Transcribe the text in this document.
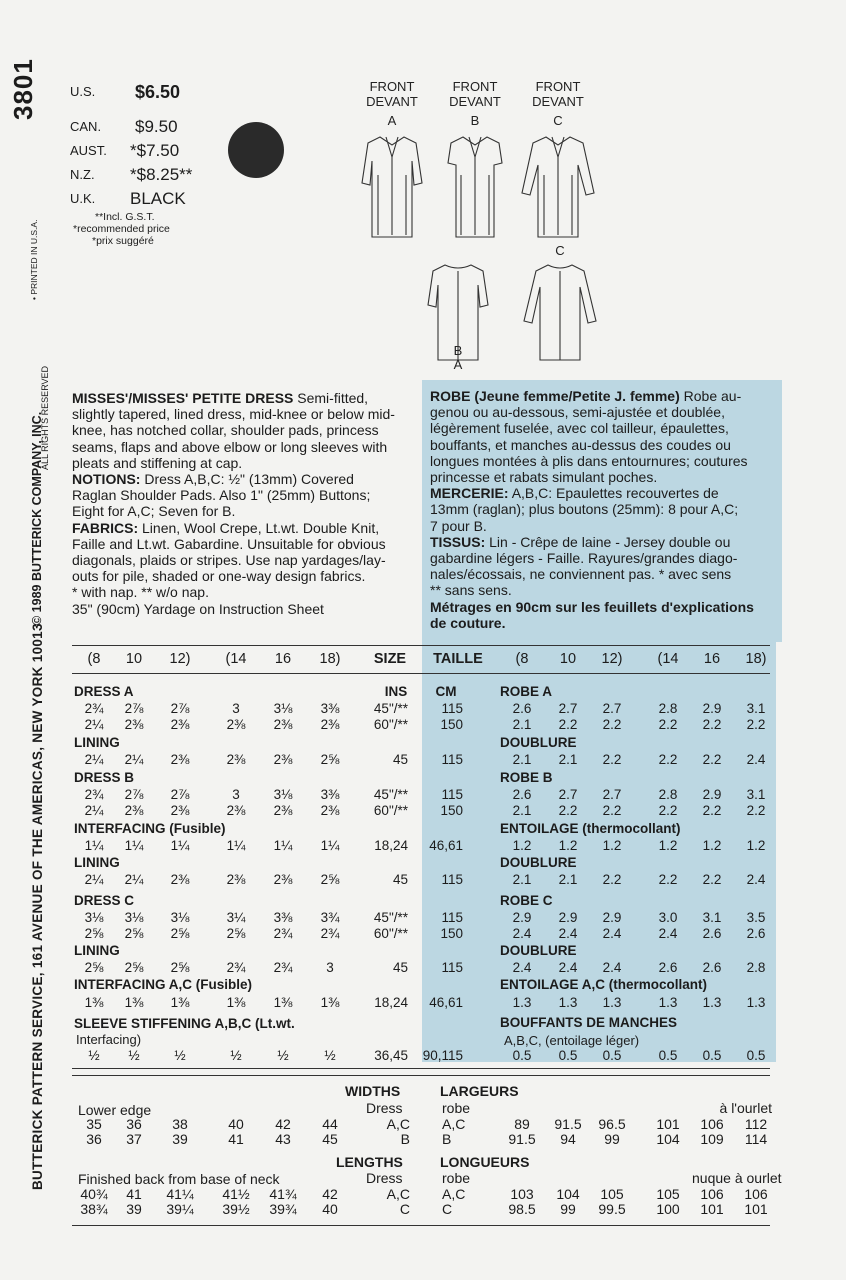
3801
BUTTERICK PATTERN SERVICE, 161 AVENUE OF THE AMERICAS, NEW YORK 10013
© 1989 BUTTERICK COMPANY, INC.
ALL RIGHTS RESERVED
• PRINTED IN U.S.A.
U.S. $6.50
CAN. $9.50
AUST. *$7.50
N.Z. *$8.25**
U.K. BLACK
**Incl. G.S.T.
*recommended price
*prix suggéré
FRONT
DEVANT
A
FRONT
DEVANT
B
FRONT
DEVANT
C
C
B
A
MISSES'/MISSES' PETITE DRESS Semi-fitted,
slightly tapered, lined dress, mid-knee or below mid-
knee, has notched collar, shoulder pads, princess
seams, flaps and above elbow or long sleeves with
pleats and stiffening at cap.
NOTIONS: Dress A,B,C: ½" (13mm) Covered
Raglan Shoulder Pads. Also 1" (25mm) Buttons;
Eight for A,C; Seven for B.
FABRICS: Linen, Wool Crepe, Lt.wt. Double Knit,
Faille and Lt.wt. Gabardine. Unsuitable for obvious
diagonals, plaids or stripes. Use nap yardages/lay-
outs for pile, shaded or one-way design fabrics.
* with nap. ** w/o nap.
35" (90cm) Yardage on Instruction Sheet
ROBE (Jeune femme/Petite J. femme) Robe au-
genou ou au-dessous, semi-ajustée et doublée,
légèrement fuselée, avec col tailleur, épaulettes,
bouffants, et manches au-dessus des coudes ou
longues montées à plis dans entournures; coutures
princesse et rabats simulant poches.
MERCERIE: A,B,C: Epaulettes recouvertes de
13mm (raglan); plus boutons (25mm): 8 pour A,C;
7 pour B.
TISSUS: Lin - Crêpe de laine - Jersey double ou
gabardine légers - Faille. Rayures/grandes diago-
nales/écossais, ne conviennent pas. * avec sens
** sans sens.
Métrages en 90cm sur les feuillets d'explications
de couture.
(8	10	12)	(14	16	18)	SIZE	TAILLE	(8	10	12)	(14	16	18)
INS	CM
DRESS A	ROBE A
2¾	2⅞	2⅞	3	3⅛	3⅜	45"/**	115	2.6	2.7	2.7	2.8	2.9	3.1
2¼	2⅜	2⅜	2⅜	2⅜	2⅜	60"/**	150	2.1	2.2	2.2	2.2	2.2	2.2
LINING	DOUBLURE
2¼	2¼	2⅜	2⅜	2⅜	2⅝	45	115	2.1	2.1	2.2	2.2	2.2	2.4
DRESS B	ROBE B
2¾	2⅞	2⅞	3	3⅛	3⅜	45"/**	115	2.6	2.7	2.7	2.8	2.9	3.1
2¼	2⅜	2⅜	2⅜	2⅜	2⅜	60"/**	150	2.1	2.2	2.2	2.2	2.2	2.2
INTERFACING (Fusible)	ENTOILAGE (thermocollant)
1¼	1¼	1¼	1¼	1¼	1¼	18,24	46,61	1.2	1.2	1.2	1.2	1.2	1.2
LINING	DOUBLURE
2¼	2¼	2⅜	2⅜	2⅜	2⅝	45	115	2.1	2.1	2.2	2.2	2.2	2.4
DRESS C	ROBE C
3⅛	3⅛	3⅛	3¼	3⅜	3¾	45"/**	115	2.9	2.9	2.9	3.0	3.1	3.5
2⅝	2⅝	2⅝	2⅝	2¾	2¾	60"/**	150	2.4	2.4	2.4	2.4	2.6	2.6
LINING	DOUBLURE
2⅝	2⅝	2⅝	2¾	2¾	3	45	115	2.4	2.4	2.4	2.6	2.6	2.8
INTERFACING A,C (Fusible)	ENTOILAGE A,C (thermocollant)
1⅜	1⅜	1⅜	1⅜	1⅜	1⅜	18,24	46,61	1.3	1.3	1.3	1.3	1.3	1.3
SLEEVE STIFFENING A,B,C (Lt.wt.
Interfacing)
BOUFFANTS DE MANCHES
A,B,C, (entoilage léger)
½	½	½	½	½	½	36,45	90,115	0.5	0.5	0.5	0.5	0.5	0.5
WIDTHS	LARGEURS
Lower edge	Dress	robe	à l'ourlet
35	36	38	40	42	44	A,C A,C	89	91.5	96.5	101	106	112
36	37	39	41	43	45	B B	91.5	94	99	104	109	114
LENGTHS	LONGUEURS
Finished back from base of neck	Dress	robe	nuque à ourlet
40¾	41	41¼	41½	41¾	42	A,C A,C	103	104	105	105	106	106
38¾	39	39¼	39½	39¾	40	C C	98.5	99	99.5	100	101	101
